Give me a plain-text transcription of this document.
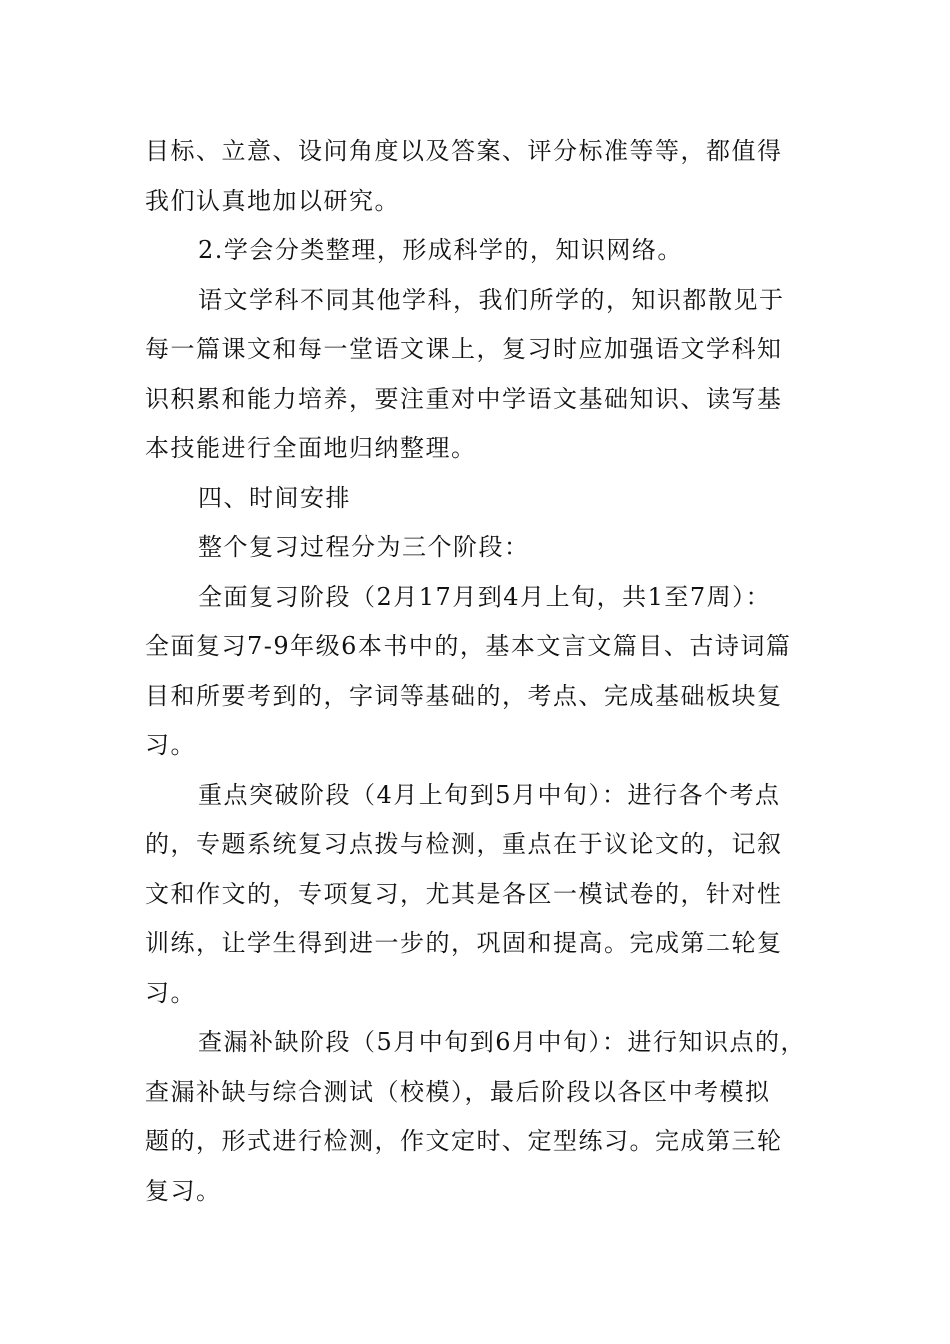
目标、立意、设问角度以及答案、评分标准等等，都值得
我们认真地加以研究。

2.学会分类整理，形成科学的，知识网络。

语文学科不同其他学科，我们所学的，知识都散见于
每一篇课文和每一堂语文课上，复习时应加强语文学科知
识积累和能力培养，要注重对中学语文基础知识、读写基
本技能进行全面地归纳整理。

四、时间安排

整个复习过程分为三个阶段：

全面复习阶段（2月17月到4月上旬，共1至7周）：
全面复习7-9年级6本书中的，基本文言文篇目、古诗词篇
目和所要考到的，字词等基础的，考点、完成基础板块复
习。

重点突破阶段（4月上旬到5月中旬）：进行各个考点
的，专题系统复习点拨与检测，重点在于议论文的，记叙
文和作文的，专项复习，尤其是各区一模试卷的，针对性
训练，让学生得到进一步的，巩固和提高。完成第二轮复
习。

查漏补缺阶段（5月中旬到6月中旬）：进行知识点的，
查漏补缺与综合测试（校模），最后阶段以各区中考模拟
题的，形式进行检测，作文定时、定型练习。完成第三轮
复习。
